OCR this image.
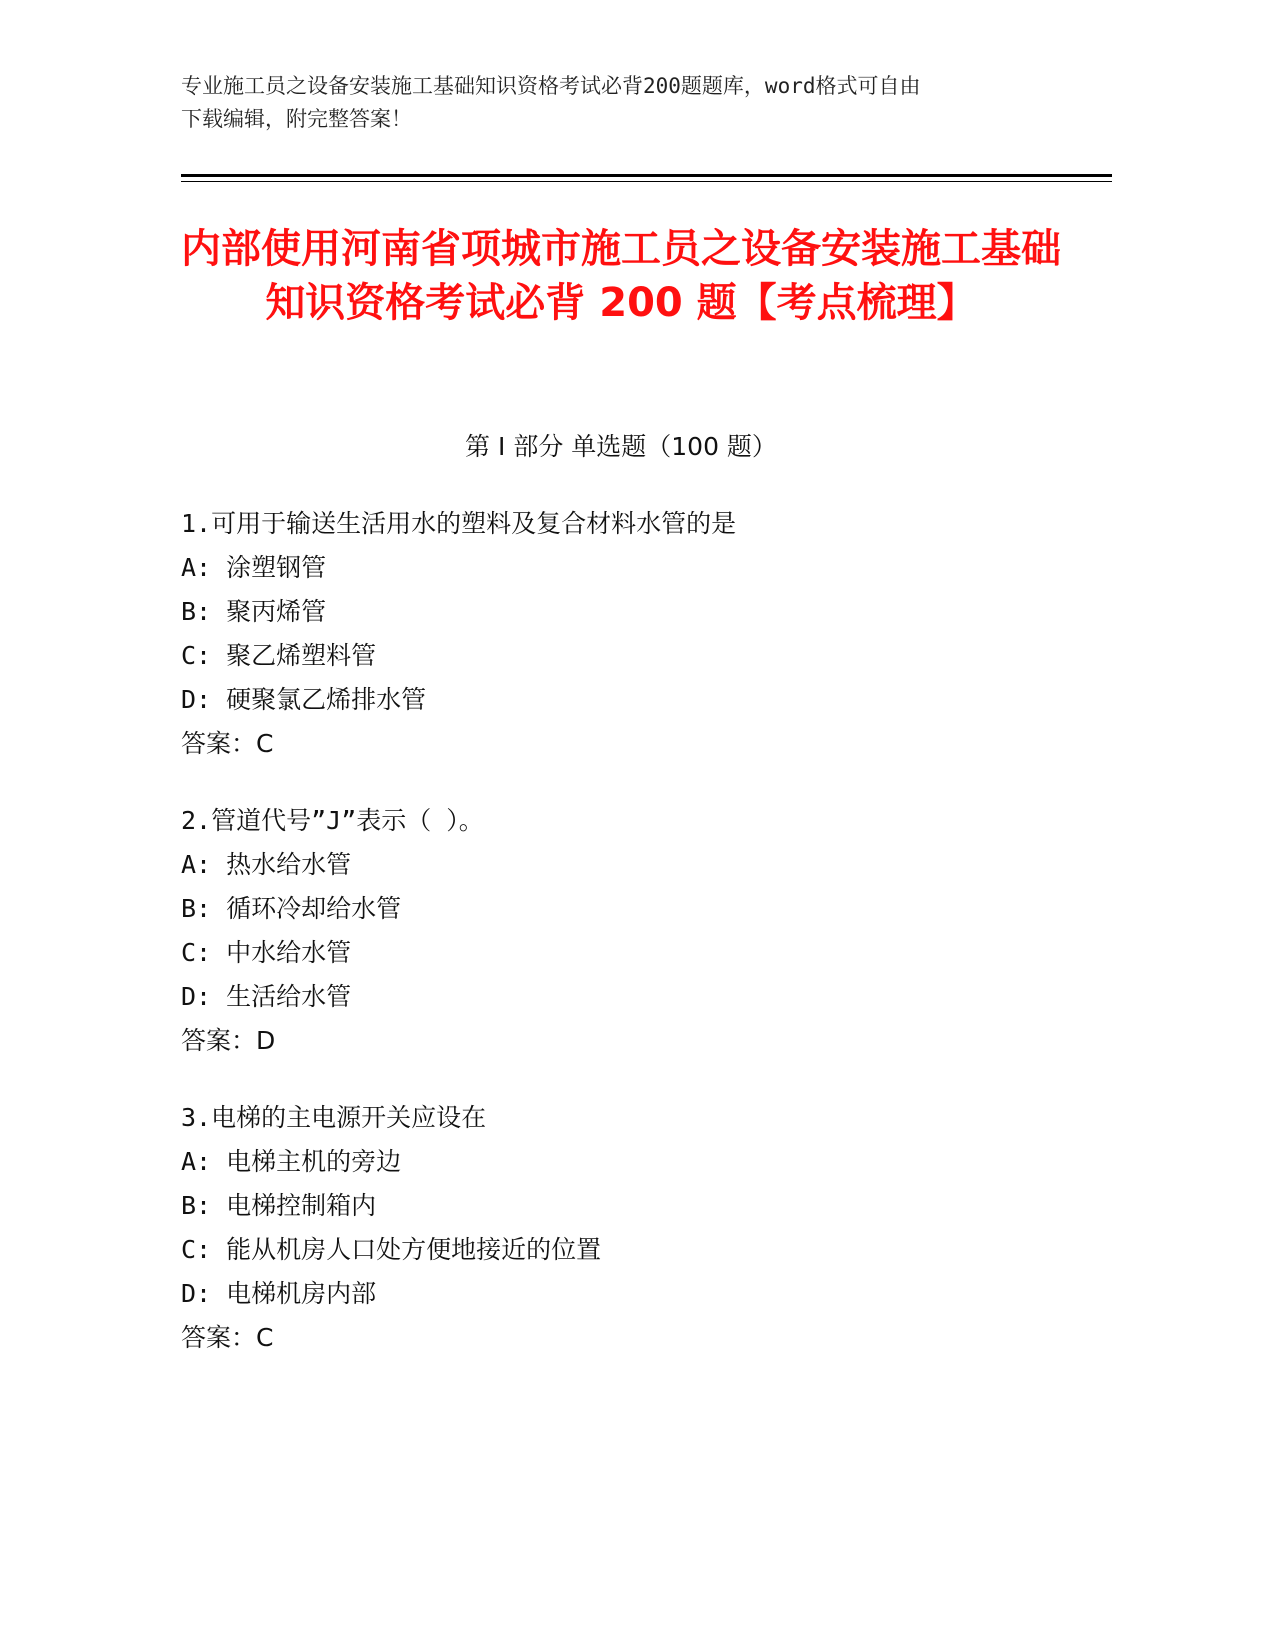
专业施工员之设备安装施工基础知识资格考试必背200题题库，word格式可自由
下载编辑，附完整答案！
内部使用河南省项城市施工员之设备安装施工基础知识资格考试必背 200 题【考点梳理】
第 I 部分 单选题（100 题）
1.可用于输送生活用水的塑料及复合材料水管的是
A: 涂塑钢管
B: 聚丙烯管
C: 聚乙烯塑料管
D: 硬聚氯乙烯排水管
答案：C
2.管道代号”J”表示（ ）。
A: 热水给水管
B: 循环冷却给水管
C: 中水给水管
D: 生活给水管
答案：D
3.电梯的主电源开关应设在
A: 电梯主机的旁边
B: 电梯控制箱内
C: 能从机房人口处方便地接近的位置
D: 电梯机房内部
答案：C
